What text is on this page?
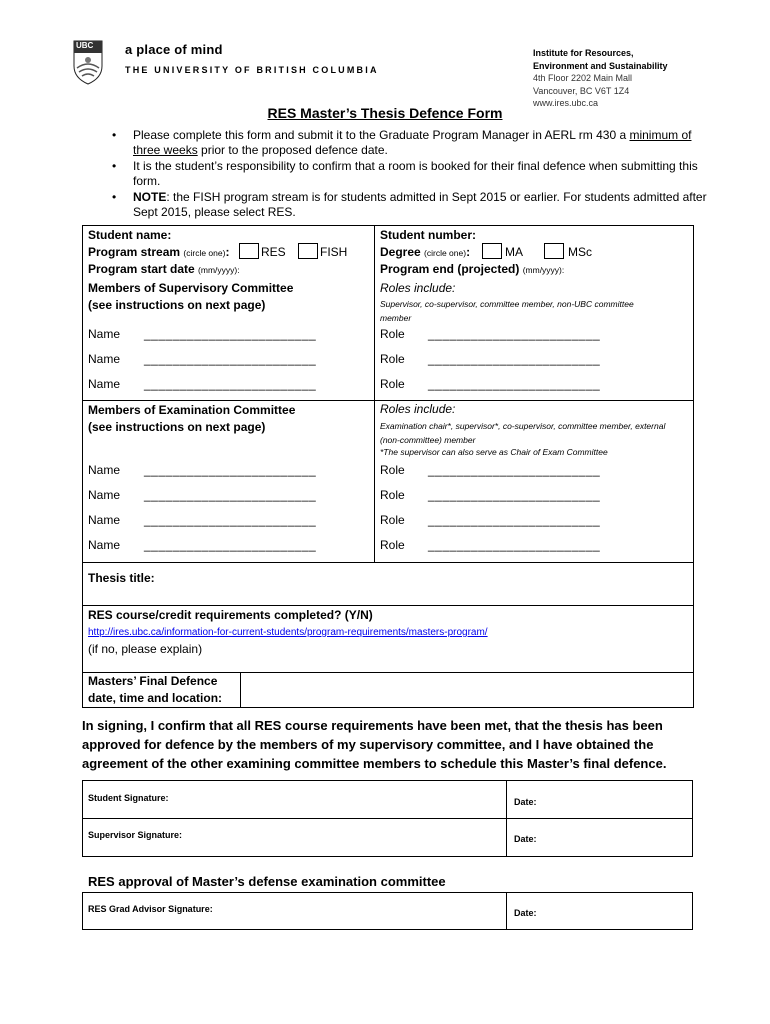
UBC a place of mind
THE UNIVERSITY OF BRITISH COLUMBIA
Institute for Resources,
Environment and Sustainability
4th Floor 2202 Main Mall
Vancouver, BC V6T 1Z4
www.ires.ubc.ca
RES Master’s Thesis Defence Form
• Please complete this form and submit it to the Graduate Program Manager in AERL rm 430 a minimum of three weeks prior to the proposed defence date.
• It is the student’s responsibility to confirm that a room is booked for their final defence when submitting this form.
• NOTE: the FISH program stream is for students admitted in Sept 2015 or earlier. For students admitted after Sept 2015, please select RES.
Student name:	Student number:
Program stream (circle one):	RES	FISH	Degree (circle one):	MA	MSc
Program start date (mm/yyyy):	Program end (projected) (mm/yyyy):
Members of Supervisory Committee
(see instructions on next page)
Roles include:
Supervisor, co-supervisor, committee member, non-UBC committee member
Name ________________________	Role ________________________
Name ________________________	Role ________________________
Name ________________________	Role ________________________
Members of Examination Committee
(see instructions on next page)
Roles include:
Examination chair*, supervisor*, co-supervisor, committee member, external (non-committee) member
*The supervisor can also serve as Chair of Exam Committee
Name ________________________	Role ________________________
Name ________________________	Role ________________________
Name ________________________	Role ________________________
Name ________________________	Role ________________________
Thesis title:
RES course/credit requirements completed? (Y/N)
http://ires.ubc.ca/information-for-current-students/program-requirements/masters-program/
(if no, please explain)
Masters’ Final Defence
date, time and location:
In signing, I confirm that all RES course requirements have been met, that the thesis has been approved for defence by the members of my supervisory committee, and I have obtained the agreement of the other examining committee members to schedule this Master’s final defence.
Student Signature:	Date:
Supervisor Signature:	Date:
RES approval of Master’s defense examination committee
RES Grad Advisor Signature:	Date:
